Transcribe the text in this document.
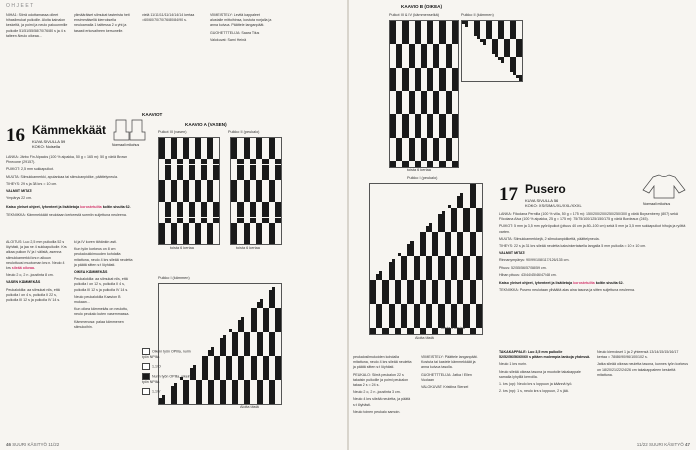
OHJEET

NIHA1: Siirrä odottamassa olleet hihasilmukat puikoille. Aloita kainalon keskeltä, ja poimi ja neulo pakuunmille puikolle 51/51/55/58/70/76/80 s ja 4 s talteen.Neulo oikeaa...

ylimääräiset silmukat tasterista heti ensimmäisellä kierroksella neuloamalla 1 taittessa 2 o yht ja tasasti erkovaiheen kersunelle.

vielä 11/11/11/11/14/14/14 kertaa =60/60/70/70/76/80/84/90 s.

VIIMEISTELY: Levitä kappaleet alustalle mittoihinsa, kostuta norjalla ja anna kuivua. Päättele langanpäät.

GUOHETTTELIJA: Saara Tilus

Valokuvat: Sami Heinä

16 Kämmekkäät
KUVA SIVULLA 59
KOKO: Noisella	Normaali mikohus

LANKA: Järbo Fin Alpacks (100 % alpakka, 50 g = 165 m): 50 g väriä Brown Pinecone (29157).

PUIKOT: 2,5 mm sukkapuikot.

MUUTA: Silmukkamerkki, apulankaa tai silmukanpidike, päättelyneula.

TIHEYS: 29 s ja 38 krs = 10 cm.

VALMIIT MITAT:

Ympärys 22 cm.

Katso yleiset ohjeet, lyhenteet ja lisätietoja korostetuilta koltin sivulta 62.

TEKNIIKKA: Kämmekkäät neulotaan kerkeestä sormiin suljettuna neuleena.

ALOITUS: Luo 2,5 mm puikoilla 52 s löyhästi, ja jaa ne 4 sukkapuikolle. Krs alkaa puikon IV ja I välistä, asenna silmukkamerkki krs:n alkuun neulottuusi muotoman krs:n. Neulo 4 krs sileää oikeaa.

Neulo 2 o, 2 n -joustinta 8 cm.

VASEN KÄMMEKÄS

Peukalokiila: aa silmukat nils, että puikolla I on 4 s, puikolla II 22 s, puikolla III 12 s ja puikolla IV 14 s.

ki ja IV koren tähänkin asti.

Kun työn korkeus on 8 cm peukaloukkimuuden kohdalta mitattuna, neulo 4 krs sileää neuletta ja päätä sitten s:t löyhästi.

OIKEA KÄMMEKÄS

Peukalokiila: aa silmukat nils, että puikolla I on 12 s, puikolla II 4 s, puikolla III 12 s ja puikolla IV 14 s.

Neulo peukalokiila Kaavion B mukaan...

Kun oikea kämmekäs on neulottu, neulo peukalo kuten vasemmassa.

Kämmenosa: palaa kämmenen silmukoihin.

KAAVIOT
KAAVIO A (VASEN)
Puikot III (vasen)	Puikko II (peukalo)
toista 6 kertaa	toista 6 kertaa
Puikko I (kämmen)
Aloita tästä
Oikein työn OPIlla, nurin työn NPIlla
1,1/O
Nurin työn OPIlla, oikein työn NPIlla
1,1/V
46 SUURI KÄSITYÖ 11/22
KAAVIO B (OIKEA)
Puikot III & IV (kämmenselkä)	Puikko II (kämmen)
toista 6 kertaa
Puikko I (peukalo)
Aloita tästä
toista 5 kertaa

peukalosilmukoiden kohdalla mitattuna, neulo 4 krs sileää neuletta ja päätä sitten s:t löyhästi.

PEUKALO: Siirrä peukalon 22 s takaisin puikoille ja poimi peukalon takaa 2 s = 24 s.

Neulo 2 o, 2 n -joustinta 3 cm.

Neulo 4 krs sileää neuletta, ja päätä s:t löyhästi.

Neulo toinen peukalo samoin.

VIIMEISTELY: Päättele langanpäät. Kostuta tai kastele kämmekkäät ja anna kuivua tasolla.

GUOHETTTELIJA: Jatka / Ellen Vuolaan

VALOKUVAT: Kristiina Sterzel

17 Pusero
KUVA SIVULLA 56
KOKO: XS/S/M/L/XL/XXL/XXXL	Normaali mikohus

LANKA: Filcolana Pernilla (100 % villa, 50 g = 175 m): 150/200/200/250/250/300 g väriä Boysenberry (807) sekä Filcolana Alva (100 % alpakka, 25 g = 175 m): 75/75/100/125/150/175 g väriä Bordeaux (245).

PUIKOT: 5 mm ja 3,5 mm pyöröpuikot (pituus 40 cm ja 80–100 cm) sekä 5 mm ja 3,5 mm sukkapuikot hihoja ja ryöttä varten.

MUUTA: Silmukkamerkkejä, 2 silmukanpidikettä, päättelyneula.

TIHEYS: 22 s ja 31 krs sileää neuletta kaksinkertaisella langalla 5 mm puikolla = 10 x 10 cm.

VALMIIT MITAT:

Rinnanympärys: 90/99/108/117/126/135 cm.

Pituus: 52/55/56/57/58/59 cm.

Hihan pituus: 43/44/45/46/47/48 cm.

Katso yleiset ohjeet, lyhenteet ja lisätietoja korostetuilta koltin sivulta 62.

TEKNIIKKA: Pusero neulotaan ylhäältä alas aina tasona ja sitten suljettuna neuleena.

TAKAKAPPALE: Luo 3,5 mm puikolle 52/52/56/56/60/60 s pitäen molempia lankoja yhdessä.

Neulo 1 krs nurin.

Neulo sileää oikeaa tasona ja muotoile takakappale samalla lyhyillä kerroilla.

1. krs (op): Neulo krs s loppuun ja käännä työ.

2. krs (np): 1 s, neulo krs s loppuun, 2 s jää.

Neulo kierrokset 1 ja 2 yhteensä 13/14/15/15/16/17 kertaa = 78/86/90/96/100/102 s.

Jatka sileää oikeaa neuletta tasona, kunnes työn korkeus on 18/20/21/22/24/26 cm takakappaleen keskeltä mitattuna.

11/22 SUURI KÄSITYÖ 47
